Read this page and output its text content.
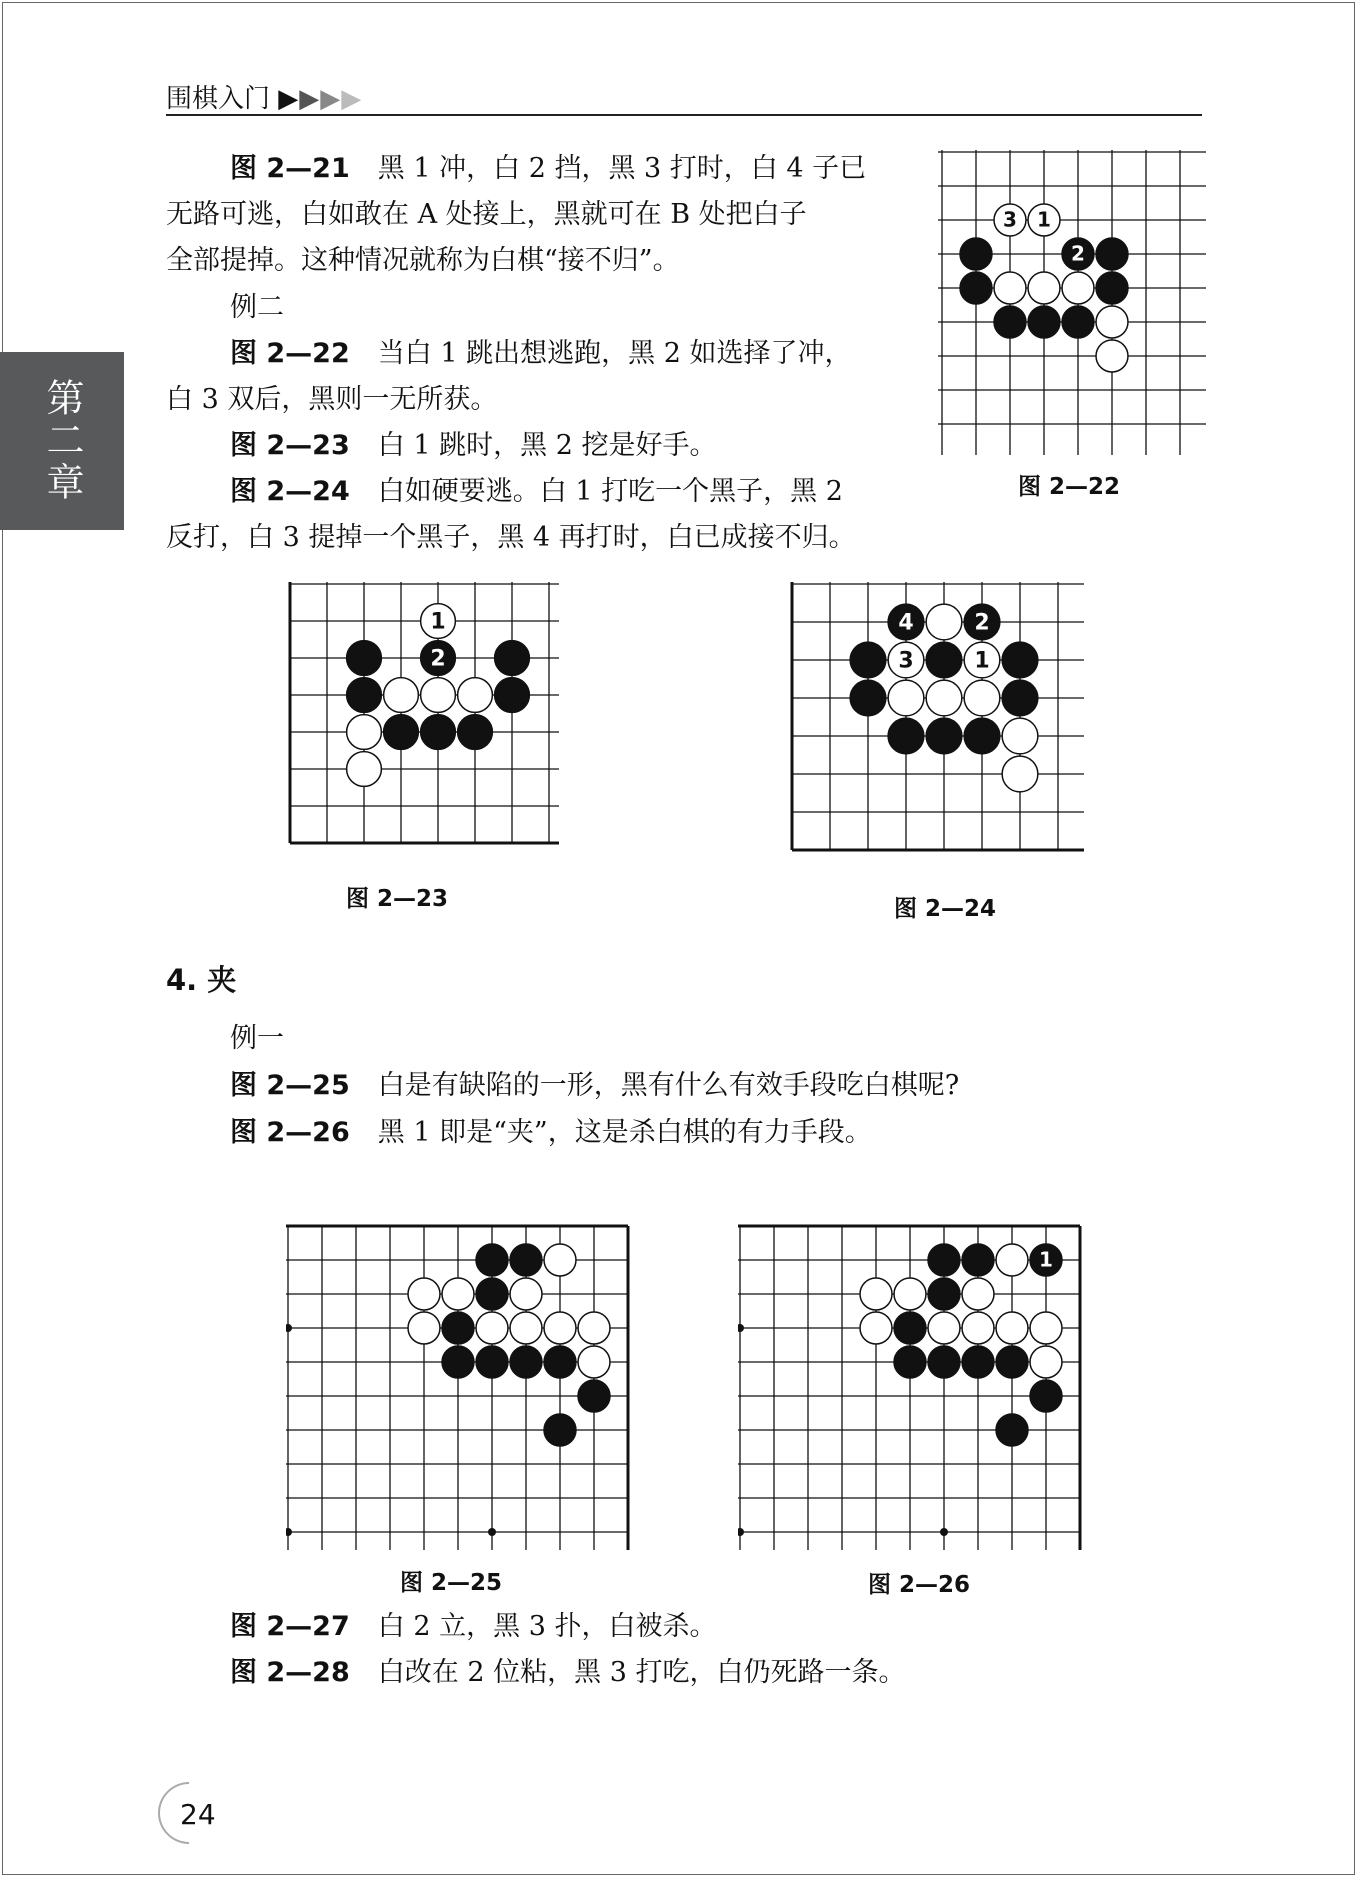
围棋入门 ▶▶▶▶
第二章
图 2—21 黑 1 冲，白 2 挡，黑 3 打时，白 4 子已
无路可逃，白如敢在 A 处接上，黑就可在 B 处把白子
全部提掉。这种情况就称为白棋“接不归”。
例二
图 2—22 当白 1 跳出想逃跑，黑 2 如选择了冲，
白 3 双后，黑则一无所获。
图 2—23 白 1 跳时，黑 2 挖是好手。
图 2—24 白如硬要逃。白 1 打吃一个黑子，黑 2
反打，白 3 提掉一个黑子，黑 4 再打时，白已成接不归。
3 1
2
图 2—22
1
2
图 2—23
4	2
3	1
图 2—24
4. 夹
例一
图 2—25 白是有缺陷的一形，黑有什么有效手段吃白棋呢?
图 2—26 黑 1 即是“夹”，这是杀白棋的有力手段。
图 2—25
1
图 2—26
图 2—27 白 2 立，黑 3 扑，白被杀。
图 2—28 白改在 2 位粘，黑 3 打吃，白仍死路一条。
24
